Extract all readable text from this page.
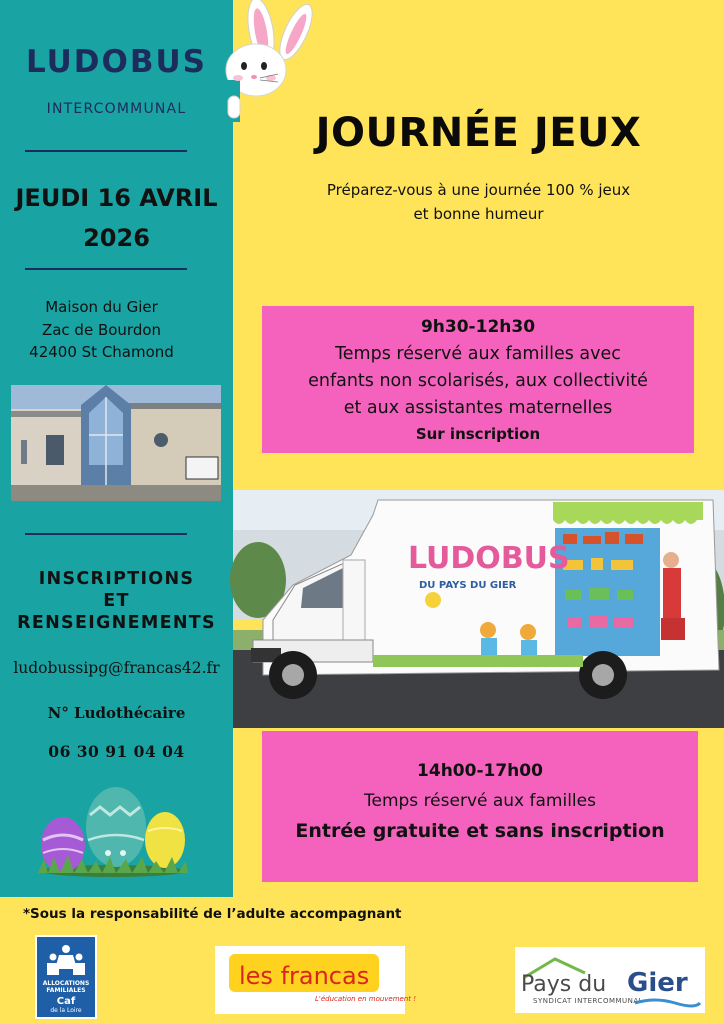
LUDOBUS
INTERCOMMUNAL
JEUDI 16 AVRIL
2026
Maison du Gier
Zac de Bourdon
42400 St Chamond
INSCRIPTIONS
ET
RENSEIGNEMENTS
ludobussipg@francas42.fr
N° Ludothécaire
06 30 91 04 04
JOURNÉE JEUX
Préparez-vous à une journée 100 % jeux
et bonne humeur
9h30-12h30
Temps réservé aux familles avec
enfants non scolarisés, aux collectivité
et aux assistantes maternelles
Sur inscription
LUDOBUS
DU PAYS DU GIER
14h00-17h00
Temps réservé aux familles
Entrée gratuite et sans inscription
*Sous la responsabilité de l’adulte accompagnant
ALLOCATIONS
FAMILIALES
Caf
de la Loire
les francas
L'éducation en mouvement !
Pays du Gier
SYNDICAT INTERCOMMUNAL
